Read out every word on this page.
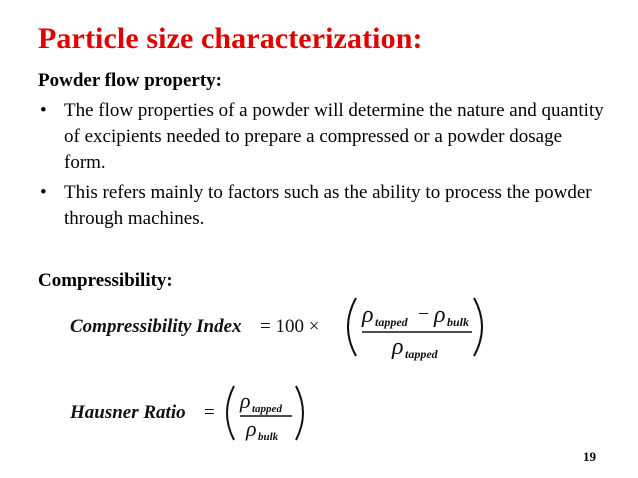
Particle size characterization:
Powder flow property:
• The flow properties of a powder will determine the nature and quantity of excipients needed to prepare a compressed or a powder dosage form.
• This refers mainly to factors such as the ability to process the powder through machines.
Compressibility:
Compressibility Index = 100 × ρ tapped − ρ bulk
ρ tapped
Hausner Ratio = ρ tapped
ρ bulk
19
